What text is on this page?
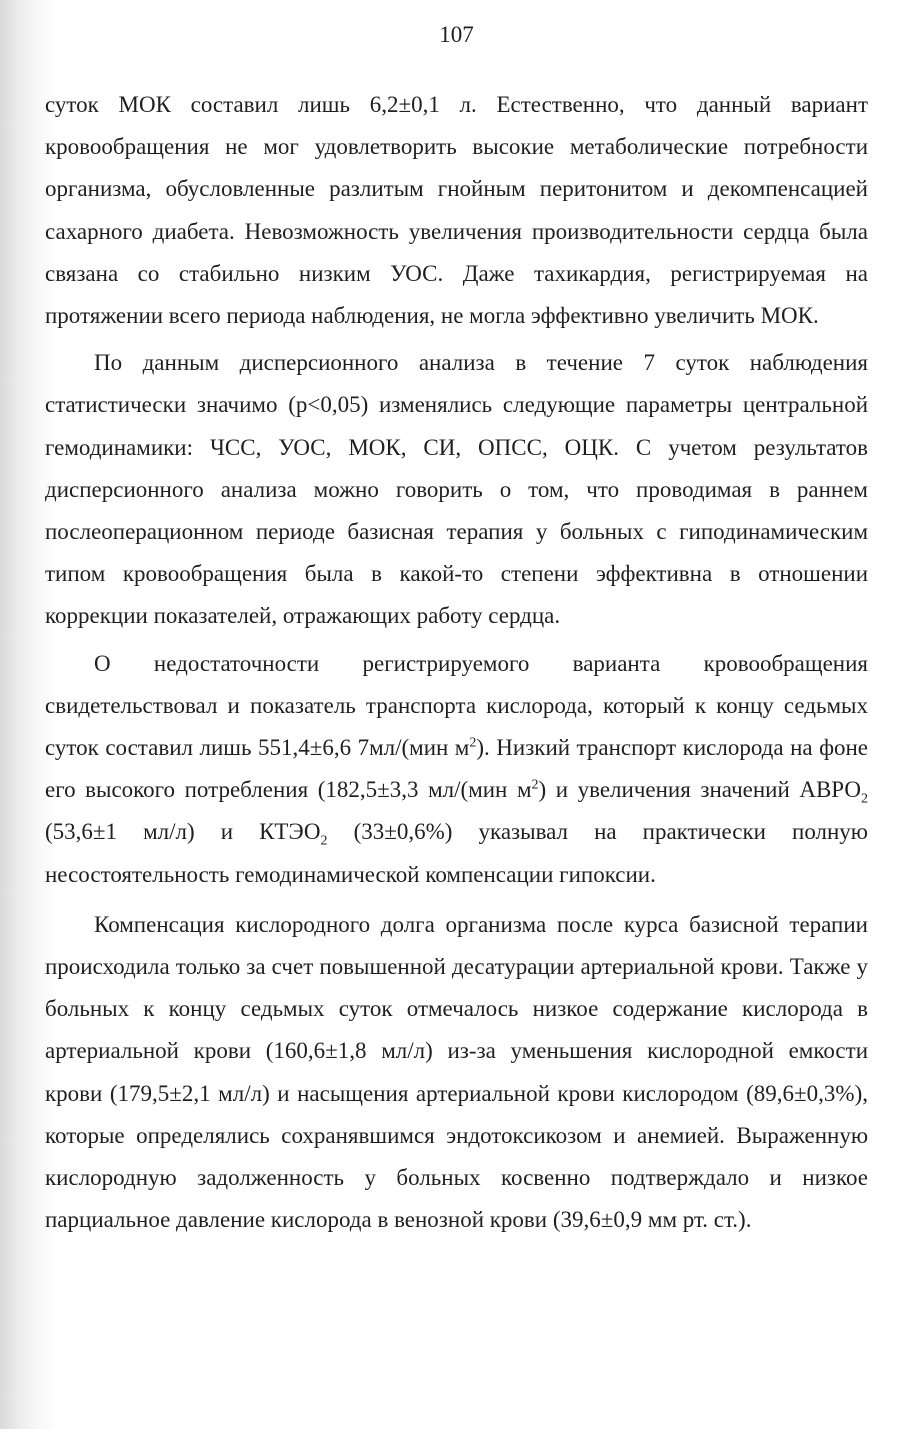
107

суток МОК составил лишь 6,2±0,1 л. Естественно, что данный вариант кровообращения не мог удовлетворить высокие метаболические потребности организма, обусловленные разлитым гнойным перитонитом и декомпенсацией сахарного диабета. Невозможность увеличения производительности сердца была связана со стабильно низким УОС. Даже тахикардия, регистрируемая на протяжении всего периода наблюдения, не могла эффективно увеличить МОК.

По данным дисперсионного анализа в течение 7 суток наблюдения статистически значимо (p<0,05) изменялись следующие параметры центральной гемодинамики: ЧСС, УОС, МОК, СИ, ОПСС, ОЦК. С учетом результатов дисперсионного анализа можно говорить о том, что проводимая в раннем послеоперационном периоде базисная терапия у больных с гиподинамическим типом кровообращения была в какой-то степени эффективна в отношении коррекции показателей, отражающих работу сердца.

О недостаточности регистрируемого варианта кровообращения свидетельствовал и показатель транспорта кислорода, который к концу седьмых суток составил лишь 551,4±6,6 7мл/(мин $м^2$). Низкий транспорт кислорода на фоне его высокого потребления (182,5±3,3 мл/(мин $м^2$) и увеличения значений $АВРО_2$ (53,6±1 мл/л) и $КТЭО_2$ (33±0,6%) указывал на практически полную несостоятельность гемодинамической компенсации гипоксии.

Компенсация кислородного долга организма после курса базисной терапии происходила только за счет повышенной десатурации артериальной крови. Также у больных к концу седьмых суток отмечалось низкое содержание кислорода в артериальной крови (160,6±1,8 мл/л) из-за уменьшения кислородной емкости крови (179,5±2,1 мл/л) и насыщения артериальной крови кислородом (89,6±0,3%), которые определялись сохранявшимся эндотоксикозом и анемией. Выраженную кислородную задолженность у больных косвенно подтверждало и низкое парциальное давление кислорода в венозной крови (39,6±0,9 мм рт. ст.).
